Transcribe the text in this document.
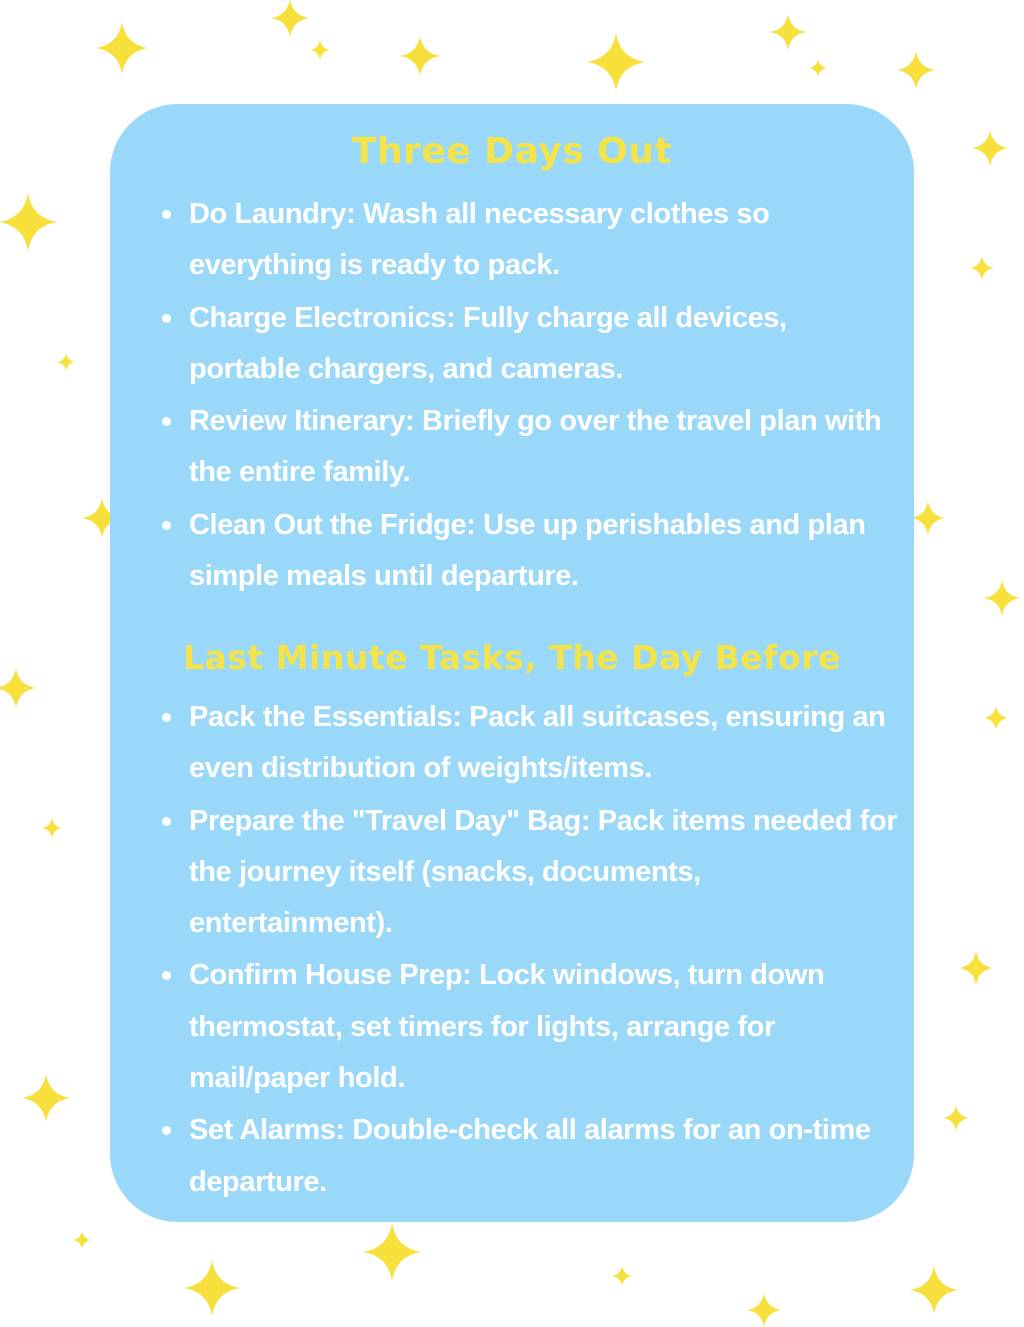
Three Days Out
Do Laundry: Wash all necessary clothes so everything is ready to pack.
Charge Electronics: Fully charge all devices, portable chargers, and cameras.
Review Itinerary: Briefly go over the travel plan with the entire family.
Clean Out the Fridge: Use up perishables and plan simple meals until departure.
Last Minute Tasks, The Day Before
Pack the Essentials: Pack all suitcases, ensuring an even distribution of weights/items.
Prepare the "Travel Day" Bag: Pack items needed for the journey itself (snacks, documents, entertainment).
Confirm House Prep: Lock windows, turn down thermostat, set timers for lights, arrange for mail/paper hold.
Set Alarms: Double-check all alarms for an on-time departure.
